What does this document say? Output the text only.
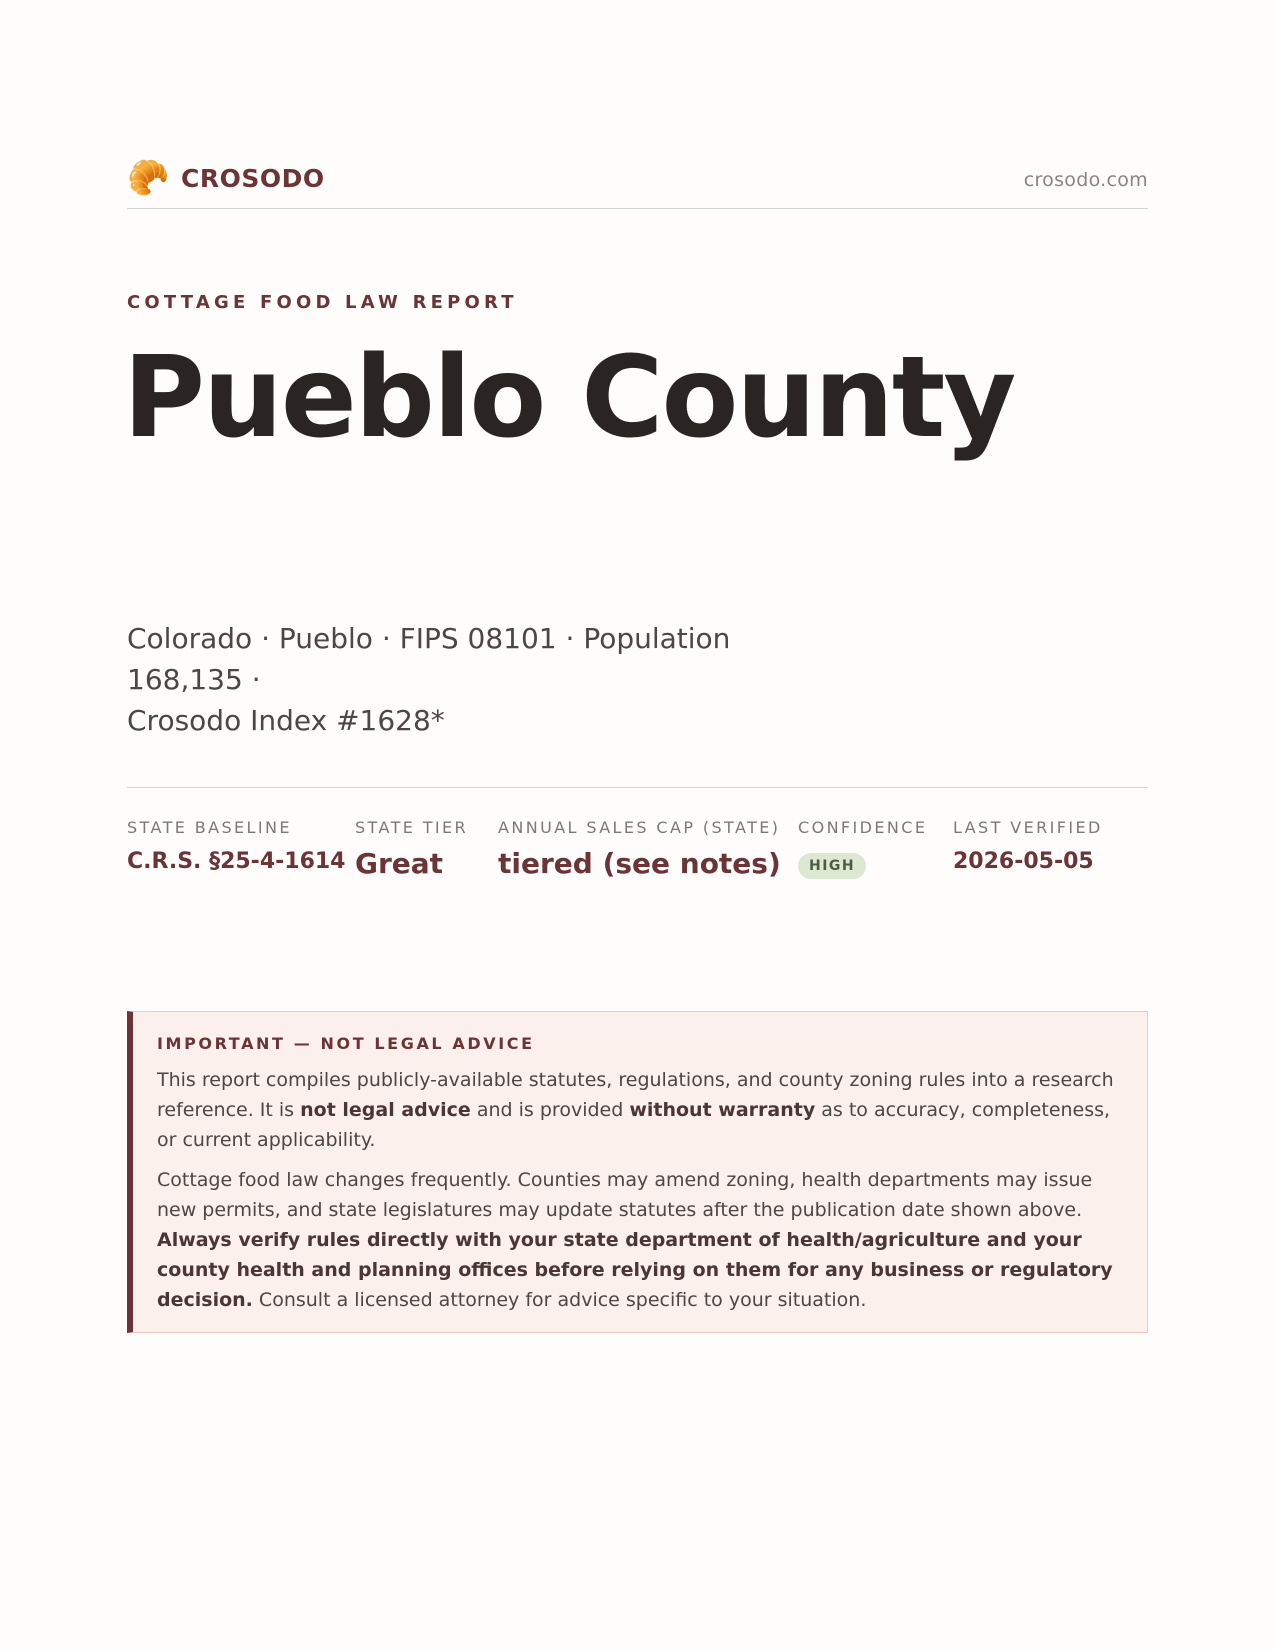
🥐 CROSODO	crosodo.com
COTTAGE FOOD LAW REPORT
Pueblo County
Colorado · Pueblo · FIPS 08101 · Population 168,135 ·
Crosodo Index #1628*
STATE BASELINE
C.R.S. §25-4-1614
STATE TIER
Great
ANNUAL SALES CAP (STATE)
tiered (see notes)
CONFIDENCE
HIGH
LAST VERIFIED
2026-05-05
IMPORTANT — NOT LEGAL ADVICE

This report compiles publicly-available statutes, regulations, and county zoning rules into a research reference. It is not legal advice and is provided without warranty as to accuracy, completeness, or current applicability.

Cottage food law changes frequently. Counties may amend zoning, health departments may issue new permits, and state legislatures may update statutes after the publication date shown above. Always verify rules directly with your state department of health/agriculture and your county health and planning offices before relying on them for any business or regulatory decision. Consult a licensed attorney for advice specific to your situation.
